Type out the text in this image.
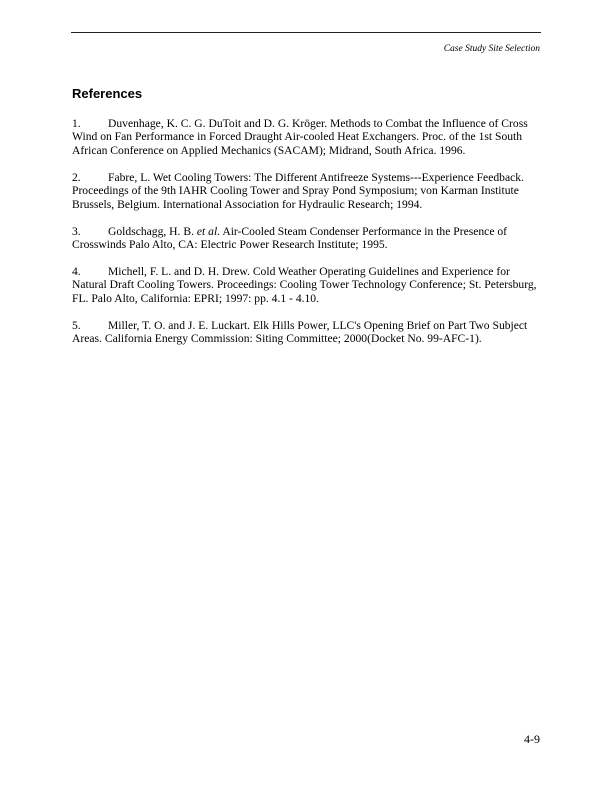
Case Study Site Selection
References

1. Duvenhage, K. C. G. DuToit and D. G. Kröger. Methods to Combat the Influence of Cross Wind on Fan Performance in Forced Draught Air-cooled Heat Exchangers. Proc. of the 1st South African Conference on Applied Mechanics (SACAM); Midrand, South Africa. 1996.

2. Fabre, L. Wet Cooling Towers: The Different Antifreeze Systems---Experience Feedback. Proceedings of the 9th IAHR Cooling Tower and Spray Pond Symposium; von Karman Institute Brussels, Belgium. International Association for Hydraulic Research; 1994.

3. Goldschagg, H. B. et al. Air-Cooled Steam Condenser Performance in the Presence of Crosswinds Palo Alto, CA: Electric Power Research Institute; 1995.

4. Michell, F. L. and D. H. Drew. Cold Weather Operating Guidelines and Experience for Natural Draft Cooling Towers. Proceedings: Cooling Tower Technology Conference; St. Petersburg, FL. Palo Alto, California: EPRI; 1997: pp. 4.1 - 4.10.

5. Miller, T. O. and J. E. Luckart. Elk Hills Power, LLC's Opening Brief on Part Two Subject Areas. California Energy Commission: Siting Committee; 2000(Docket No. 99-AFC-1).

4-9
